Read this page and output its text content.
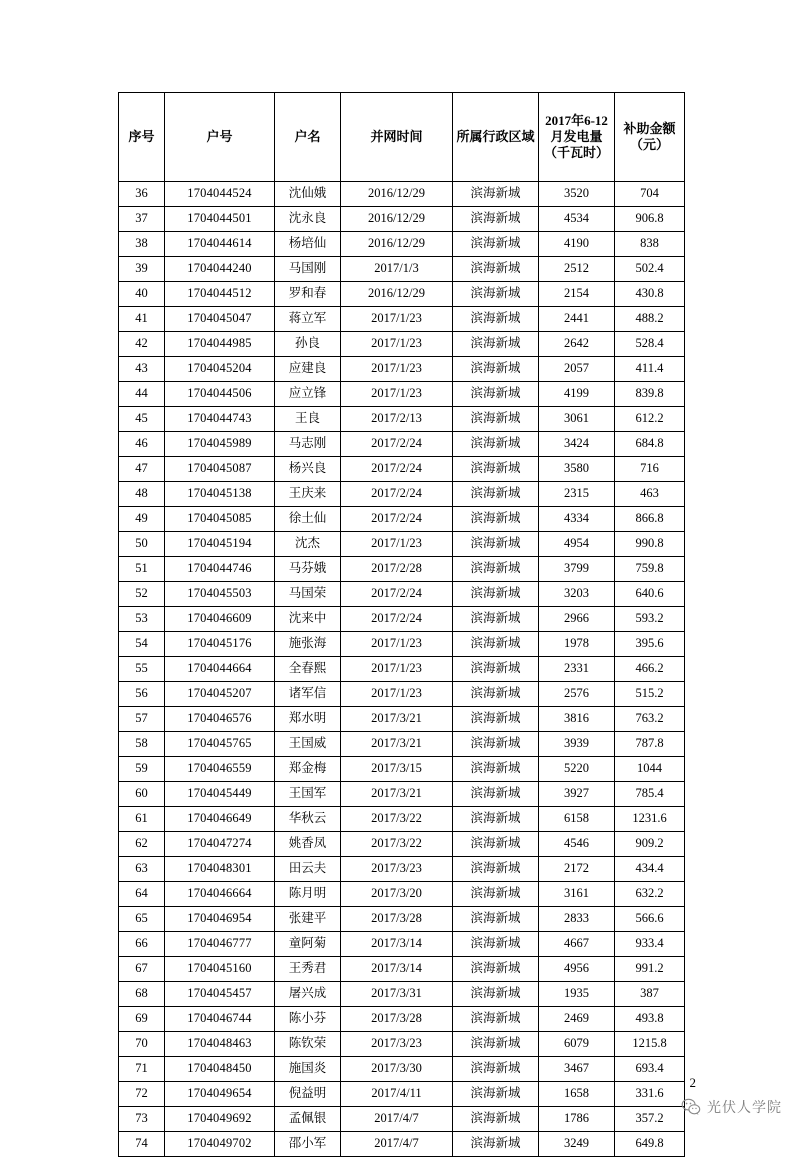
序号	户号	户名	并网时间	所属行政区域	2017年6-12月发电量（千瓦时）	补助金额（元）
36	1704044524	沈仙娥	2016/12/29	滨海新城	3520	704
37	1704044501	沈永良	2016/12/29	滨海新城	4534	906.8
38	1704044614	杨培仙	2016/12/29	滨海新城	4190	838
39	1704044240	马国刚	2017/1/3	滨海新城	2512	502.4
40	1704044512	罗和春	2016/12/29	滨海新城	2154	430.8
41	1704045047	蒋立军	2017/1/23	滨海新城	2441	488.2
42	1704044985	孙良	2017/1/23	滨海新城	2642	528.4
43	1704045204	应建良	2017/1/23	滨海新城	2057	411.4
44	1704044506	应立锋	2017/1/23	滨海新城	4199	839.8
45	1704044743	王良	2017/2/13	滨海新城	3061	612.2
46	1704045989	马志刚	2017/2/24	滨海新城	3424	684.8
47	1704045087	杨兴良	2017/2/24	滨海新城	3580	716
48	1704045138	王庆来	2017/2/24	滨海新城	2315	463
49	1704045085	徐土仙	2017/2/24	滨海新城	4334	866.8
50	1704045194	沈杰	2017/1/23	滨海新城	4954	990.8
51	1704044746	马芬娥	2017/2/28	滨海新城	3799	759.8
52	1704045503	马国荣	2017/2/24	滨海新城	3203	640.6
53	1704046609	沈来中	2017/2/24	滨海新城	2966	593.2
54	1704045176	施张海	2017/1/23	滨海新城	1978	395.6
55	1704044664	全春熙	2017/1/23	滨海新城	2331	466.2
56	1704045207	诸军信	2017/1/23	滨海新城	2576	515.2
57	1704046576	郑水明	2017/3/21	滨海新城	3816	763.2
58	1704045765	王国威	2017/3/21	滨海新城	3939	787.8
59	1704046559	郑金梅	2017/3/15	滨海新城	5220	1044
60	1704045449	王国军	2017/3/21	滨海新城	3927	785.4
61	1704046649	华秋云	2017/3/22	滨海新城	6158	1231.6
62	1704047274	姚香凤	2017/3/22	滨海新城	4546	909.2
63	1704048301	田云夫	2017/3/23	滨海新城	2172	434.4
64	1704046664	陈月明	2017/3/20	滨海新城	3161	632.2
65	1704046954	张建平	2017/3/28	滨海新城	2833	566.6
66	1704046777	童阿菊	2017/3/14	滨海新城	4667	933.4
67	1704045160	王秀君	2017/3/14	滨海新城	4956	991.2
68	1704045457	屠兴成	2017/3/31	滨海新城	1935	387
69	1704046744	陈小芬	2017/3/28	滨海新城	2469	493.8
70	1704048463	陈钦荣	2017/3/23	滨海新城	6079	1215.8
71	1704048450	施国炎	2017/3/30	滨海新城	3467	693.4
72	1704049654	倪益明	2017/4/11	滨海新城	1658	331.6
73	1704049692	孟佩银	2017/4/7	滨海新城	1786	357.2
74	1704049702	邵小军	2017/4/7	滨海新城	3249	649.8
2
光伏人学院
